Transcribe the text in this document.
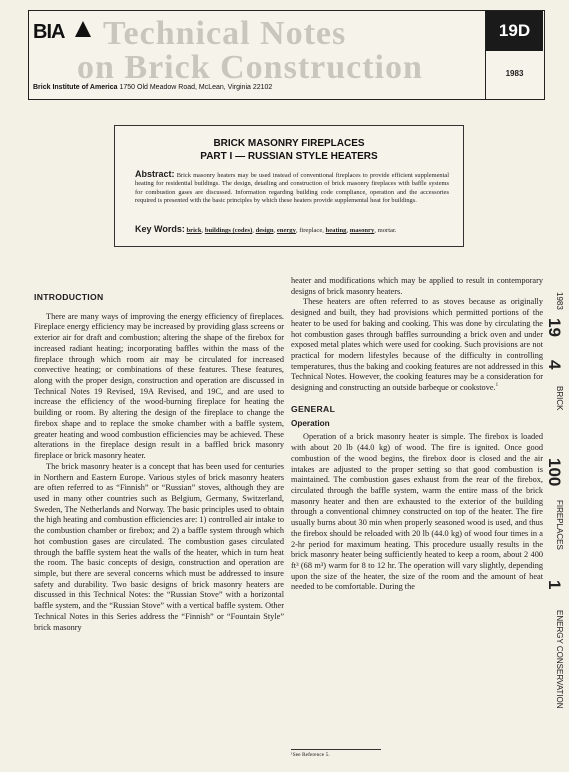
BIA Technical Notes
on Brick Construction
Brick Institute of America 1750 Old Meadow Road, McLean, Virginia 22102
19D
1983
BRICK MASONRY FIREPLACES
PART I — RUSSIAN STYLE HEATERS
Abstract: Brick masonry heaters may be used instead of conventional fireplaces to provide efficient supplemental heating for residential buildings. The design, detailing and construction of brick masonry fireplaces with baffle systems for combustion gases are discussed. Information regarding building code compliance, operation and the accessories required is presented with the basic principles by which these heaters provide supplemental heat for buildings.
Key Words: brick, buildings (codes), design, energy, fireplace, heating, masonry, mortar.
INTRODUCTION

There are many ways of improving the energy efficiency of fireplaces. Fireplace energy efficiency may be increased by providing glass screens or exterior air for draft and combustion; altering the shape of the firebox for increased radiant heating; incorporating baffles within the mass of the fireplace through which room air may be circulated for increased convective heating; or combinations of these features. These features, along with the proper design, construction and operation are discussed in Technical Notes 19 Revised, 19A Revised, and 19C, and are used to increase the efficiency of the wood-burning fireplace for heating the building or room. By altering the design of the fireplace to change the firebox shape and to replace the smoke chamber with a baffle system, greater heating and wood combustion efficiencies may be achieved. These alterations in the fireplace design result in a baffled brick masonry fireplace or brick masonry heater.

The brick masonry heater is a concept that has been used for centuries in Northern and Eastern Europe. Various styles of brick masonry heaters are often referred to as “Finnish” or “Russian” stoves, although they are used in many other countries such as Belgium, Germany, Switzerland, Sweden, The Netherlands and Norway. The basic principles used to obtain the high heating and combustion efficiencies are: 1) controlled air intake to the combustion chamber or firebox; and 2) a baffle system through which hot combustion gases are circulated. The combustion gases circulated through the baffle system heat the walls of the heater, which in turn heat the room. The basic concepts of design, construction and operation are simple, but there are several concerns which must be addressed to insure safety and durability. Two basic designs of brick masonry heaters are discussed in this Technical Notes: the “Russian Stove” with a horizontal baffle system, and the “Russian Stove” with a vertical baffle system. Other Technical Notes in this Series address the “Finnish” or “Fountain Style” brick masonry

heater and modifications which may be applied to result in contemporary designs of brick masonry heaters.

These heaters are often referred to as stoves because as originally designed and built, they had provisions which permitted portions of the heater to be used for baking and cooking. This was done by circulating the hot combustion gases through baffles surrounding a brick oven and under exposed metal plates which were used for cooking. Such provisions are not practical for modern lifestyles because of the difficulty in controlling temperatures, thus the baking and cooking features are not addressed in this Technical Notes. However, the cooking features may be a consideration for designing and constructing an outside barbeque or cookstove.$^1$

GENERAL
Operation

Operation of a brick masonry heater is simple. The firebox is loaded with about 20 lb (44.0 kg) of wood. The fire is ignited. Once good combustion of the wood begins, the firebox door is closed and the air intakes are adjusted to the proper setting so that good combustion is maintained. The combustion gases exhaust from the rear of the firebox, circulated through the baffle system, warm the entire mass of the brick masonry heater and then are exhausted to the exterior of the building through a conventional chimney constructed on top of the heater. The fire usually burns about 30 min when properly seasoned wood is used, and thus the firebox should be reloaded with 20 lb (44.0 kg) of wood four times in a 2-hr period for maximum heating. This procedure usually results in the brick masonry heater being sufficiently heated to keep a room, about 2 400 ft³ (68 m³) warm for 8 to 12 hr. The operation will vary slightly, depending upon the size of the heater, the size of the room and the amount of heat needed to be comfortable. During the

¹See Reference 5.
1983
19
4
BRICK
100
FIREPLACES
1
ENERGY CONSERVATION
